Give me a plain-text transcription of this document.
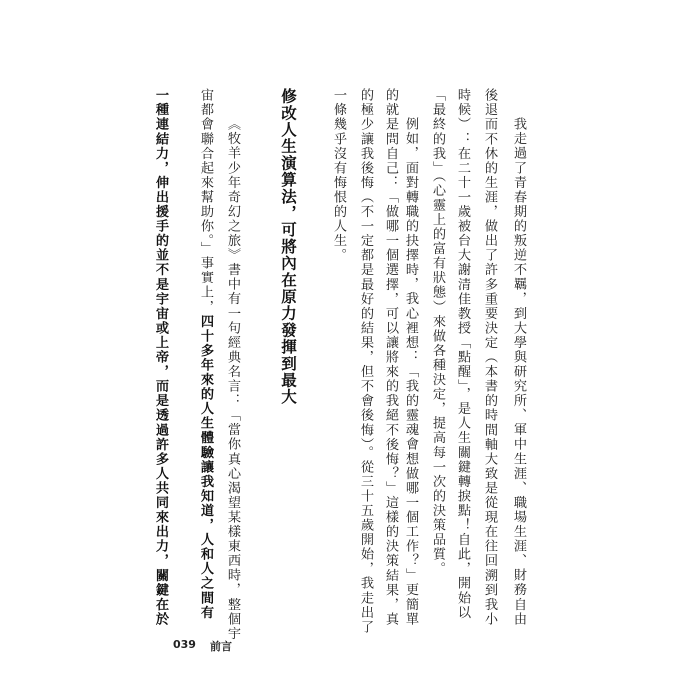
我走過了青春期的叛逆不羈，到大學與研究所、軍中生涯、職場生涯、財務自由
後退而不休的生涯，做出了許多重要決定（本書的時間軸大致是從現在往回溯到我小
時候）：在二十一歲被台大謝清佳教授「點醒」，是人生關鍵轉捩點！自此，開始以
「最終的我」（心靈上的富有狀態）來做各種決定，提高每一次的決策品質。
例如，面對轉職的抉擇時，我心裡想：「我的靈魂會想做哪一個工作？」更簡單
的就是問自己：「做哪一個選擇，可以讓將來的我絕不後悔？」這樣的決策結果，真
的極少讓我後悔（不一定都是最好的結果，但不會後悔）。從三十五歲開始，我走出了
一條幾乎沒有悔恨的人生。
修改人生演算法，可將內在原力發揮到最大
《牧羊少年奇幻之旅》書中有一句經典名言：「當你真心渴望某樣東西時，整個宇
宙都會聯合起來幫助你。」事實上，四十多年來的人生體驗讓我知道，人和人之間有
一種連結力，伸出援手的並不是宇宙或上帝，而是透過許多人共同來出力，關鍵在於
039 前言
